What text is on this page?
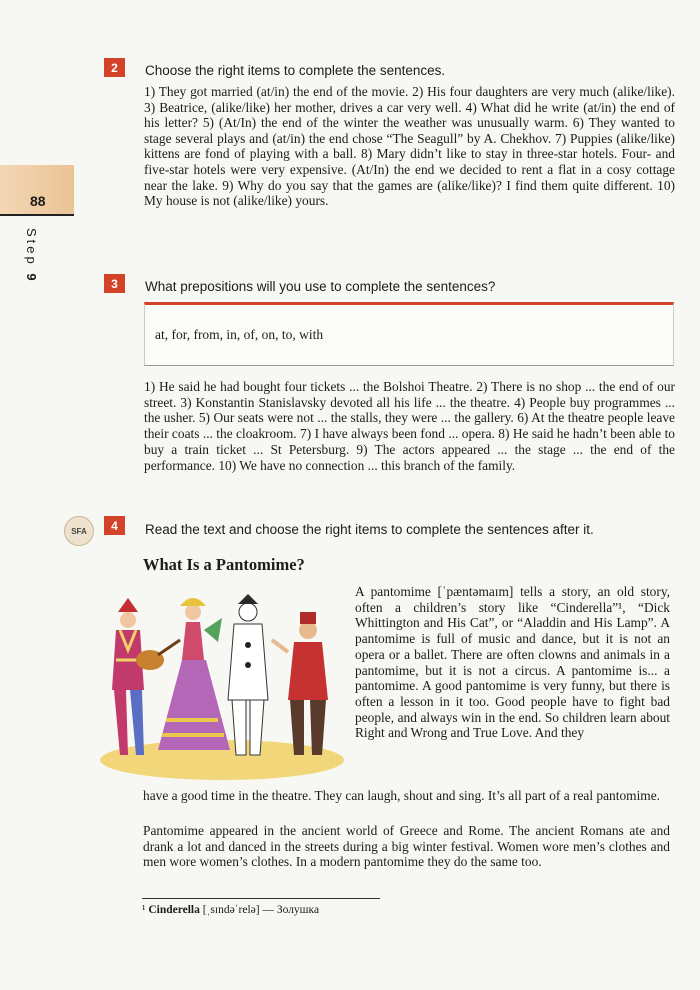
88
Step 9
2	Choose the right items to complete the sentences.
1) They got married (at/in) the end of the movie. 2) His four daughters are very much (alike/like). 3) Beatrice, (alike/like) her mother, drives a car very well. 4) What did he write (at/in) the end of his letter? 5) (At/In) the end of the winter the weather was unusually warm. 6) They wanted to stage several plays and (at/in) the end chose “The Seagull” by A. Chekhov. 7) Puppies (alike/like) kittens are fond of playing with a ball. 8) Mary didn’t like to stay in three-star hotels. Four- and five-star hotels were very expensive. (At/In) the end we decided to rent a flat in a cosy cottage near the lake. 9) Why do you say that the games are (alike/like)? I find them quite different. 10) My house is not (alike/like) yours.
3	What prepositions will you use to complete the sentences?
at, for, from, in, of, on, to, with
1) He said he had bought four tickets ... the Bolshoi Theatre. 2) There is no shop ... the end of our street. 3) Konstantin Stanislavsky devoted all his life ... the theatre. 4) People buy programmes ... the usher. 5) Our seats were not ... the stalls, they were ... the gallery. 6) At the theatre people leave their coats ... the cloakroom. 7) I have always been fond ... opera. 8) He said he hadn’t been able to buy a train ticket ... St Petersburg. 9) The actors appeared ... the stage ... the end of the performance. 10) We have no connection ... this branch of the family.
SFA	4	Read the text and choose the right items to complete the sentences after it.
What Is a Pantomime?
A pantomime [ˈpæntəmaɪm] tells a story, an old story, often a children’s story like “Cinderella”¹, “Dick Whittington and His Cat”, or “Aladdin and His Lamp”. A pantomime is full of music and dance, but it is not an opera or a ballet. There are often clowns and animals in a pantomime, but it is not a circus. A pantomime is... a pantomime. A good pantomime is very funny, but there is often a lesson in it too. Good people have to fight bad people, and always win in the end. So children learn about Right and Wrong and True Love. And they
have a good time in the theatre. They can laugh, shout and sing. It’s all part of a real pantomime.
Pantomime appeared in the ancient world of Greece and Rome. The ancient Romans ate and drank a lot and danced in the streets during a big winter festival. Women wore men’s clothes and men wore women’s clothes. In a modern pantomime they do the same too.
¹ Cinderella [ˌsɪndəˈrelə] — Золушка
